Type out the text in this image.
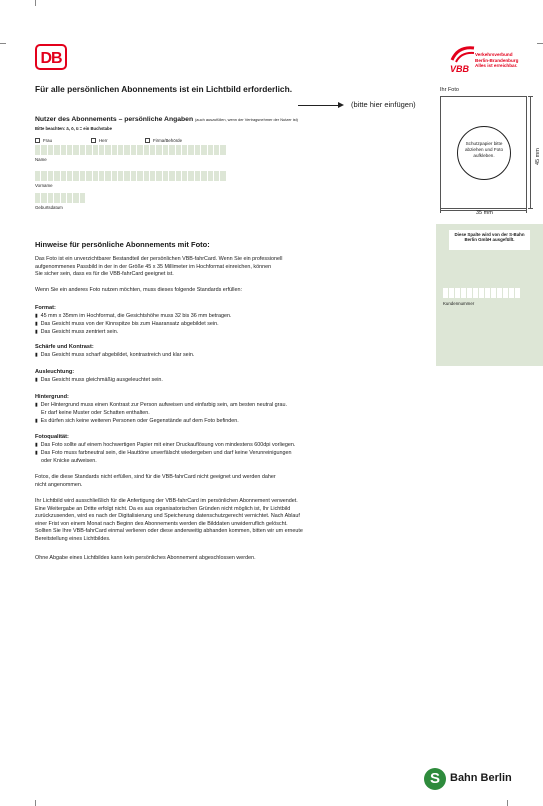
DB
VBB
Verkehrsverbund
Berlin-Brandenburg
Alles ist erreichbar.
Für alle persönlichen Abonnements ist ein Lichtbild erforderlich.
(bitte hier einfügen)
Ihr Foto
Schutzpapier bitte abziehen und Foto aufkleben.	45 mm
35 mm
Nutzer des Abonnements – persönliche Angaben (auch auszufüllen, wenn der Vertragsnehmer der Nutzer ist)
Bitte beachten: ä, ö, ü = ein Buchstabe
Frau	Herr	Firma/Behörde
Name
Vorname
Geburtsdatum
Diese Spalte wird von der S-Bahn Berlin GmbH ausgefüllt.
Kundennummer
Hinweise für persönliche Abonnements mit Foto:
Das Foto ist ein unverzichtbarer Bestandteil der persönlichen VBB-fahrCard. Wenn Sie ein professionell
aufgenommenes Passbild in der in der Größe 45 x 35 Millimeter im Hochformat einreichen, können
Sie sicher sein, dass es für die VBB-fahrCard geeignet ist.
Wenn Sie ein anderes Foto nutzen möchten, muss dieses folgende Standards erfüllen:
Format:
▮ 45 mm x 35mm im Hochformat, die Gesichtshöhe muss 32 bis 36 mm betragen.
▮ Das Gesicht muss von der Kinnspitze bis zum Haaransatz abgebildet sein.
▮ Das Gesicht muss zentriert sein.
Schärfe und Kontrast:
▮ Das Gesicht muss scharf abgebildet, kontrastreich und klar sein.
Ausleuchtung:
▮ Das Gesicht muss gleichmäßig ausgeleuchtet sein.
Hintergrund:
▮ Der Hintergrund muss einen Kontrast zur Person aufweisen und einfarbig sein, am besten neutral grau.
Er darf keine Muster oder Schatten enthalten.
▮ Es dürfen sich keine weiteren Personen oder Gegenstände auf dem Foto befinden.
Fotoqualität:
▮ Das Foto sollte auf einem hochwertigen Papier mit einer Druckauflösung von mindestens 600dpi vorliegen.
▮ Das Foto muss farbneutral sein, die Hauttöne unverfälscht wiedergeben und darf keine Verunreinigungen
oder Knicke aufweisen.
Fotos, die diese Standards nicht erfüllen, sind für die VBB-fahrCard nicht geeignet und werden daher
nicht angenommen.
Ihr Lichtbild wird ausschließlich für die Anfertigung der VBB-fahrCard im persönlichen Abonnement verwendet.
Eine Weitergabe an Dritte erfolgt nicht. Da es aus organisatorischen Gründen nicht möglich ist, Ihr Lichtbild
zurückzusenden, wird es nach der Digitalisierung und Speicherung datenschutzgerecht vernichtet. Nach Ablauf
einer Frist von einem Monat nach Beginn des Abonnements werden die Bilddaten unwiderruflich gelöscht.
Sollten Sie Ihre VBB-fahrCard einmal verlieren oder diese anderweitig abhanden kommen, bitten wir um erneute
Bereitstellung eines Lichtbildes.
Ohne Abgabe eines Lichtbildes kann kein persönliches Abonnement abgeschlossen werden.
S Bahn Berlin
